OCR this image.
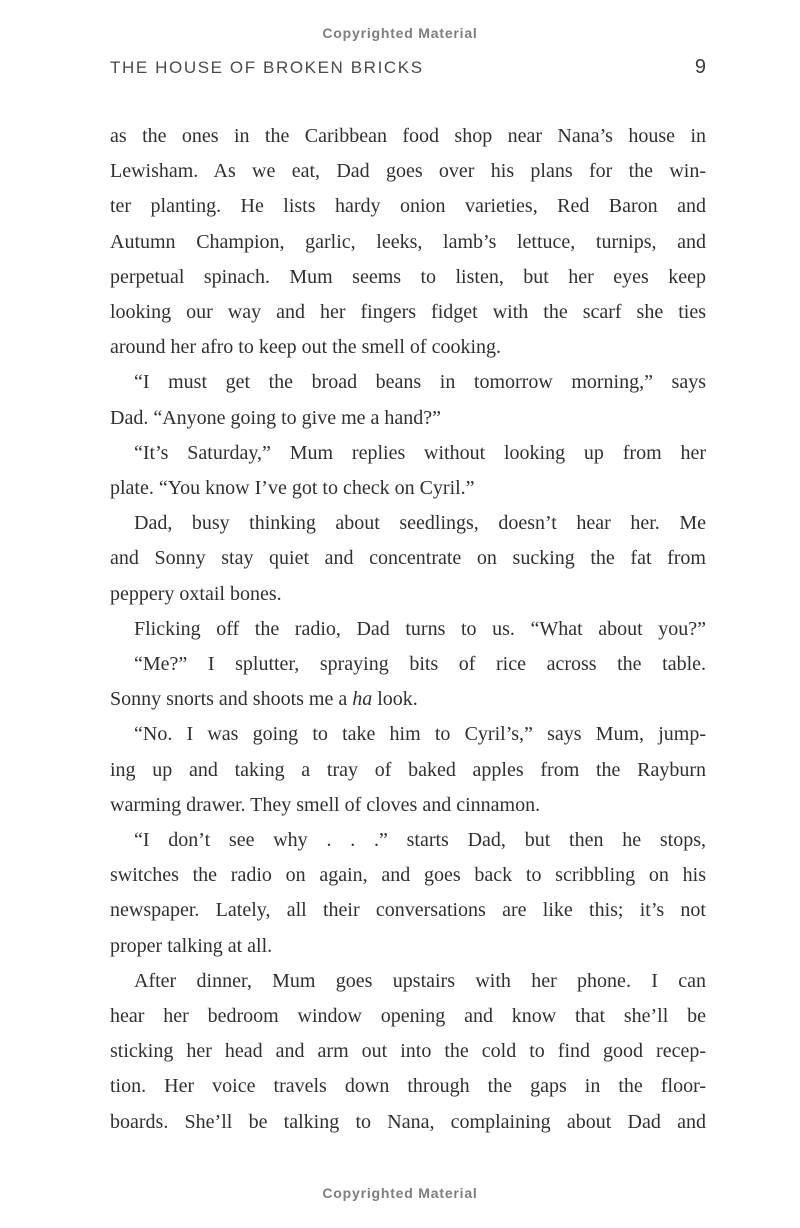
Copyrighted Material
THE HOUSE OF BROKEN BRICKS	9
as the ones in the Caribbean food shop near Nana’s house in
Lewisham. As we eat, Dad goes over his plans for the win-
ter planting. He lists hardy onion varieties, Red Baron and
Autumn Champion, garlic, leeks, lamb’s lettuce, turnips, and
perpetual spinach. Mum seems to listen, but her eyes keep
looking our way and her fingers fidget with the scarf she ties
around her afro to keep out the smell of cooking.
“I must get the broad beans in tomorrow morning,” says
Dad. “Anyone going to give me a hand?”
“It’s Saturday,” Mum replies without looking up from her
plate. “You know I’ve got to check on Cyril.”
Dad, busy thinking about seedlings, doesn’t hear her. Me
and Sonny stay quiet and concentrate on sucking the fat from
peppery oxtail bones.
Flicking off the radio, Dad turns to us. “What about you?”
“Me?” I splutter, spraying bits of rice across the table.
Sonny snorts and shoots me a ha look.
“No. I was going to take him to Cyril’s,” says Mum, jump-
ing up and taking a tray of baked apples from the Rayburn
warming drawer. They smell of cloves and cinnamon.
“I don’t see why . . .” starts Dad, but then he stops,
switches the radio on again, and goes back to scribbling on his
newspaper. Lately, all their conversations are like this; it’s not
proper talking at all.
After dinner, Mum goes upstairs with her phone. I can
hear her bedroom window opening and know that she’ll be
sticking her head and arm out into the cold to find good recep-
tion. Her voice travels down through the gaps in the floor-
boards. She’ll be talking to Nana, complaining about Dad and
Copyrighted Material
